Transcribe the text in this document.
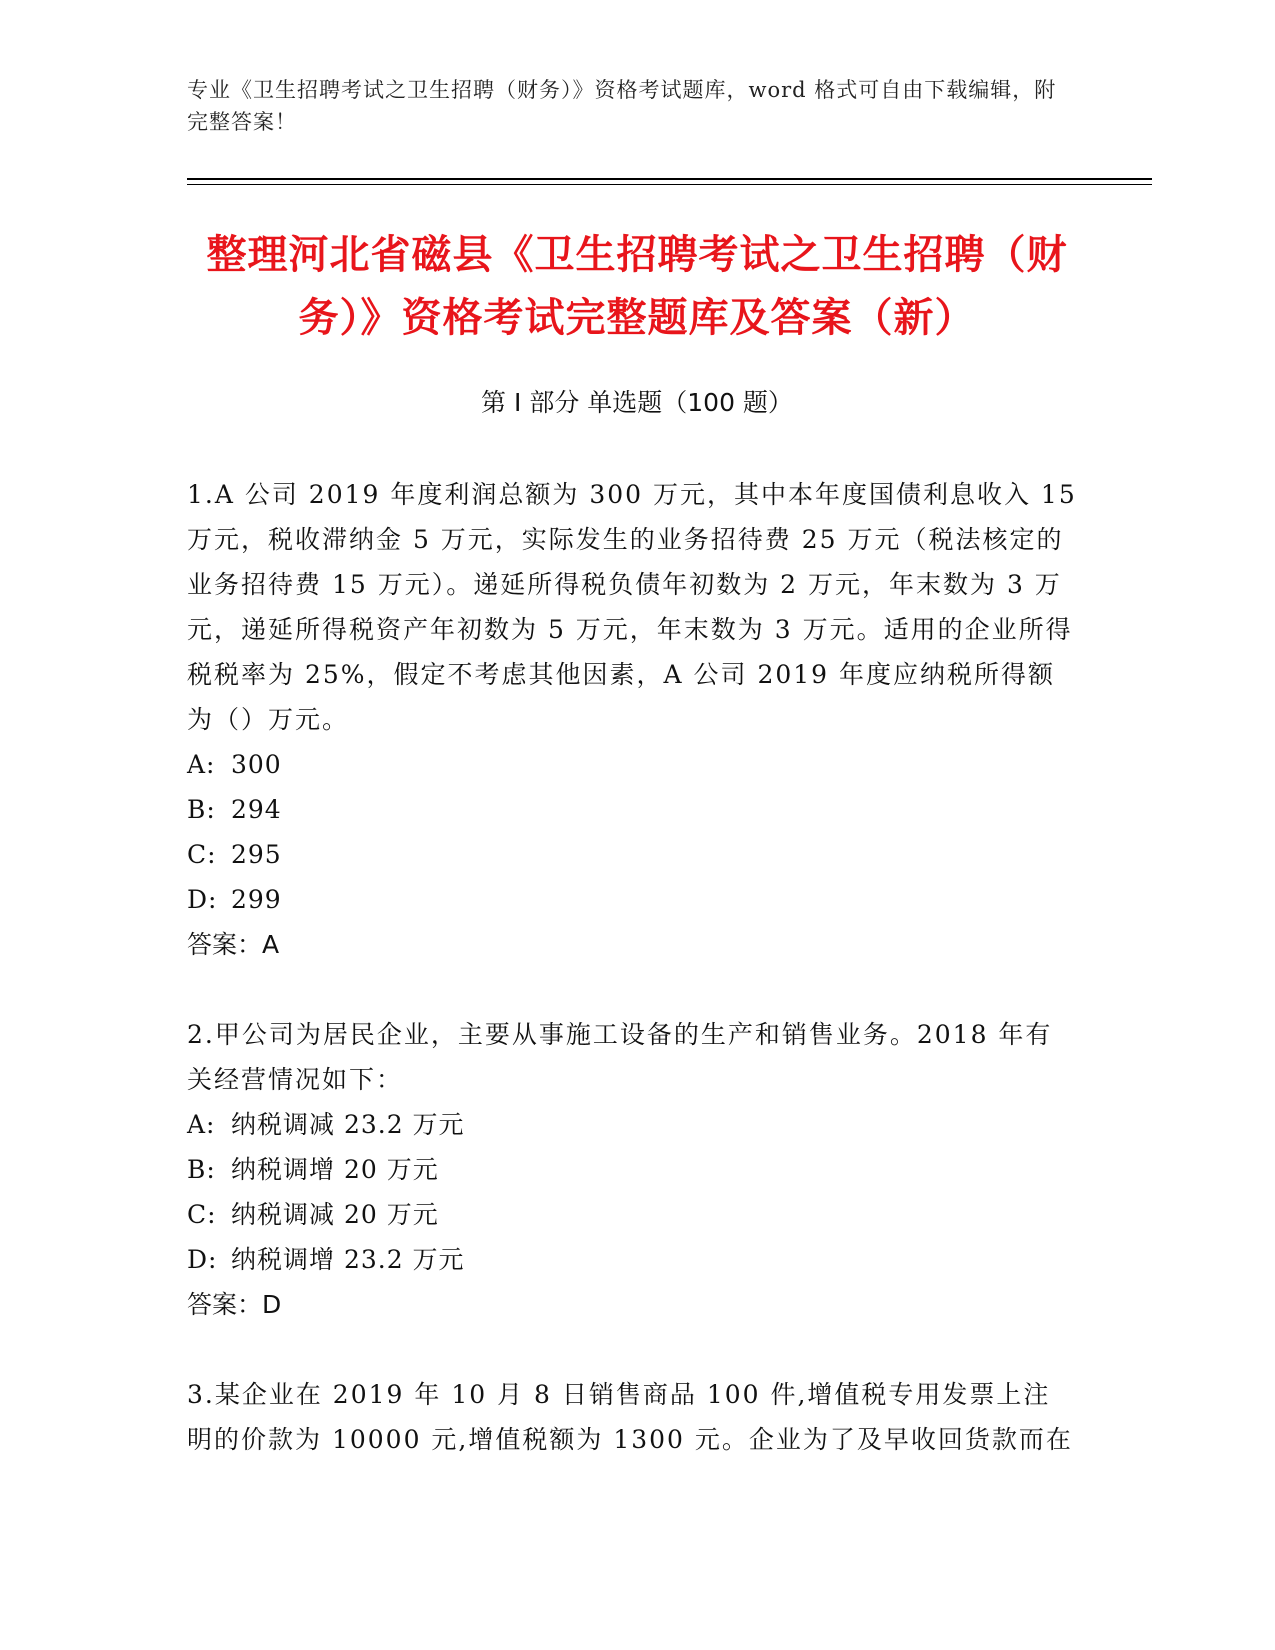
专业《卫生招聘考试之卫生招聘（财务）》资格考试题库，word 格式可自由下载编辑，附完整答案！
整理河北省磁县《卫生招聘考试之卫生招聘（财务）》资格考试完整题库及答案（新）
第 I 部分 单选题（100 题）

1.A 公司 2019 年度利润总额为 300 万元，其中本年度国债利息收入 15 万元，税收滞纳金 5 万元，实际发生的业务招待费 25 万元（税法核定的业务招待费 15 万元）。递延所得税负债年初数为 2 万元，年末数为 3 万元，递延所得税资产年初数为 5 万元，年末数为 3 万元。适用的企业所得税税率为 25%，假定不考虑其他因素，A 公司 2019 年度应纳税所得额为（）万元。

A: 300

B: 294

C: 295

D: 299

答案：A

2.甲公司为居民企业，主要从事施工设备的生产和销售业务。2018 年有关经营情况如下：

A: 纳税调减 23.2 万元

B: 纳税调增 20 万元

C: 纳税调减 20 万元

D: 纳税调增 23.2 万元

答案：D

3.某企业在 2019 年 10 月 8 日销售商品 100 件,增值税专用发票上注明的价款为 10000 元,增值税额为 1300 元。企业为了及早收回货款而在
